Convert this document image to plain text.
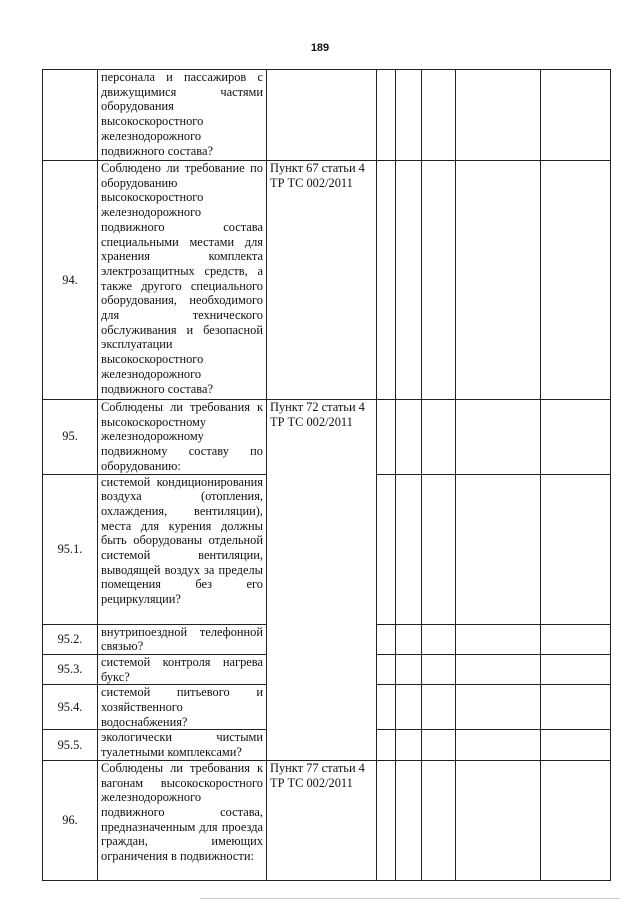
189
	персонала и пассажиров с движущимися частями оборудования высокоскоростного железнодорожного подвижного состава?						
94.	Соблюдено ли требование по оборудованию высокоскоростного железнодорожного подвижного состава специальными местами для хранения комплекта электрозащитных средств, а также другого специального оборудования, необходимого для технического обслуживания и безопасной эксплуатации высокоскоростного железнодорожного подвижного состава?	Пункт 67 статьи 4 ТР ТС 002/2011					
95.	Соблюдены ли требования к высокоскоростному железнодорожному подвижному составу по оборудованию:	Пункт 72 статьи 4 ТР ТС 002/2011					
95.1.	системой кондиционирования воздуха (отопления, охлаждения, вентиляции), места для курения должны быть оборудованы отдельной системой вентиляции, выводящей воздух за пределы помещения без его рециркуляции?						
95.2.	внутрипоездной телефонной связью?						
95.3.	системой контроля нагрева букс?						
95.4.	системой питьевого и хозяйственного водоснабжения?						
95.5.	экологически чистыми туалетными комплексами?						
96.	Соблюдены ли требования к вагонам высокоскоростного железнодорожного подвижного состава, предназначенным для проезда граждан, имеющих ограничения в подвижности:	Пункт 77 статьи 4 ТР ТС 002/2011					
